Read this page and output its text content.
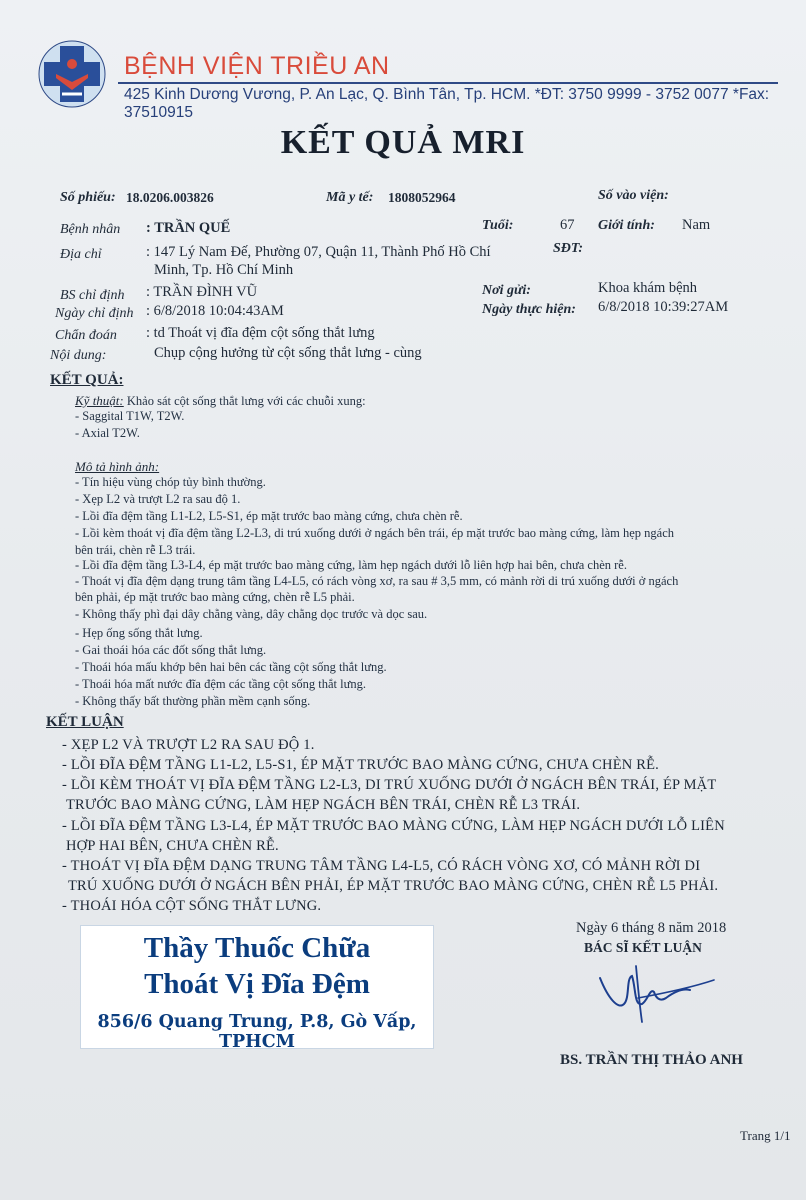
BỆNH VIỆN TRIỀU AN
425 Kinh Dương Vương, P. An Lạc, Q. Bình Tân, Tp. HCM. *ĐT: 3750 9999 - 3752 0077 *Fax: 37510915
KẾT QUẢ MRI
Số phiếu: 18.0206.003826	Mã y tế: 1808052964	Số vào viện:
Bệnh nhân : TRẦN QUẾ	Tuổi:	67 Giới tính: Nam
Địa chỉ	: 147 Lý Nam Đế, Phường 07, Quận 11, Thành Phố Hồ Chí
Minh, Tp. Hồ Chí Minh
SĐT:
BS chỉ định : TRẦN ĐÌNH VŨ	Nơi gửi:	Khoa khám bệnh
Ngày chỉ định : 6/8/2018 10:04:43AM	Ngày thực hiện: 6/8/2018 10:39:27AM
Chẩn đoán : td Thoát vị đĩa đệm cột sống thắt lưng
Nội dung:	Chụp cộng hưởng từ cột sống thắt lưng - cùng
KẾT QUẢ:
Kỹ thuật: Khảo sát cột sống thắt lưng với các chuỗi xung:
- Saggital T1W, T2W.
- Axial T2W.
Mô tả hình ảnh:
- Tín hiệu vùng chóp tủy bình thường.
- Xẹp L2 và trượt L2 ra sau độ 1.
- Lồi đĩa đệm tầng L1-L2, L5-S1, ép mặt trước bao màng cứng, chưa chèn rễ.
- Lồi kèm thoát vị đĩa đệm tầng L2-L3, di trú xuống dưới ở ngách bên trái, ép mặt trước bao màng cứng, làm hẹp ngách
bên trái, chèn rễ L3 trái.
- Lồi đĩa đệm tầng L3-L4, ép mặt trước bao màng cứng, làm hẹp ngách dưới lỗ liên hợp hai bên, chưa chèn rễ.
- Thoát vị đĩa đệm dạng trung tâm tầng L4-L5, có rách vòng xơ, ra sau # 3,5 mm, có mảnh rời di trú xuống dưới ở ngách
bên phải, ép mặt trước bao màng cứng, chèn rễ L5 phải.
- Không thấy phì đại dây chằng vàng, dây chằng dọc trước và dọc sau.
- Hẹp ống sống thắt lưng.
- Gai thoái hóa các đốt sống thắt lưng.
- Thoái hóa mấu khớp bên hai bên các tầng cột sống thắt lưng.
- Thoái hóa mất nước đĩa đệm các tầng cột sống thắt lưng.
- Không thấy bất thường phần mềm cạnh sống.
KẾT LUẬN
- XẸP L2 VÀ TRƯỢT L2 RA SAU ĐỘ 1.
- LỒI ĐĨA ĐỆM TẦNG L1-L2, L5-S1, ÉP MẶT TRƯỚC BAO MÀNG CỨNG, CHƯA CHÈN RỄ.
- LỒI KÈM THOÁT VỊ ĐĨA ĐỆM TẦNG L2-L3, DI TRÚ XUỐNG DƯỚI Ở NGÁCH BÊN TRÁI, ÉP MẶT
TRƯỚC BAO MÀNG CỨNG, LÀM HẸP NGÁCH BÊN TRÁI, CHÈN RỄ L3 TRÁI.
- LỒI ĐĨA ĐỆM TẦNG L3-L4, ÉP MẶT TRƯỚC BAO MÀNG CỨNG, LÀM HẸP NGÁCH DƯỚI LỖ LIÊN
HỢP HAI BÊN, CHƯA CHÈN RỄ.
- THOÁT VỊ ĐĨA ĐỆM DẠNG TRUNG TÂM TẦNG L4-L5, CÓ RÁCH VÒNG XƠ, CÓ MẢNH RỜI DI
TRÚ XUỐNG DƯỚI Ở NGÁCH BÊN PHẢI, ÉP MẶT TRƯỚC BAO MÀNG CỨNG, CHÈN RỄ L5 PHẢI.
- THOÁI HÓA CỘT SỐNG THẮT LƯNG.
Ngày 6 tháng 8 năm 2018
BÁC SĨ KẾT LUẬN
BS. TRẦN THỊ THẢO ANH
Thầy Thuốc Chữa
Thoát Vị Đĩa Đệm
856/6 Quang Trung, P.8, Gò Vấp, TPHCM
Trang 1/1
